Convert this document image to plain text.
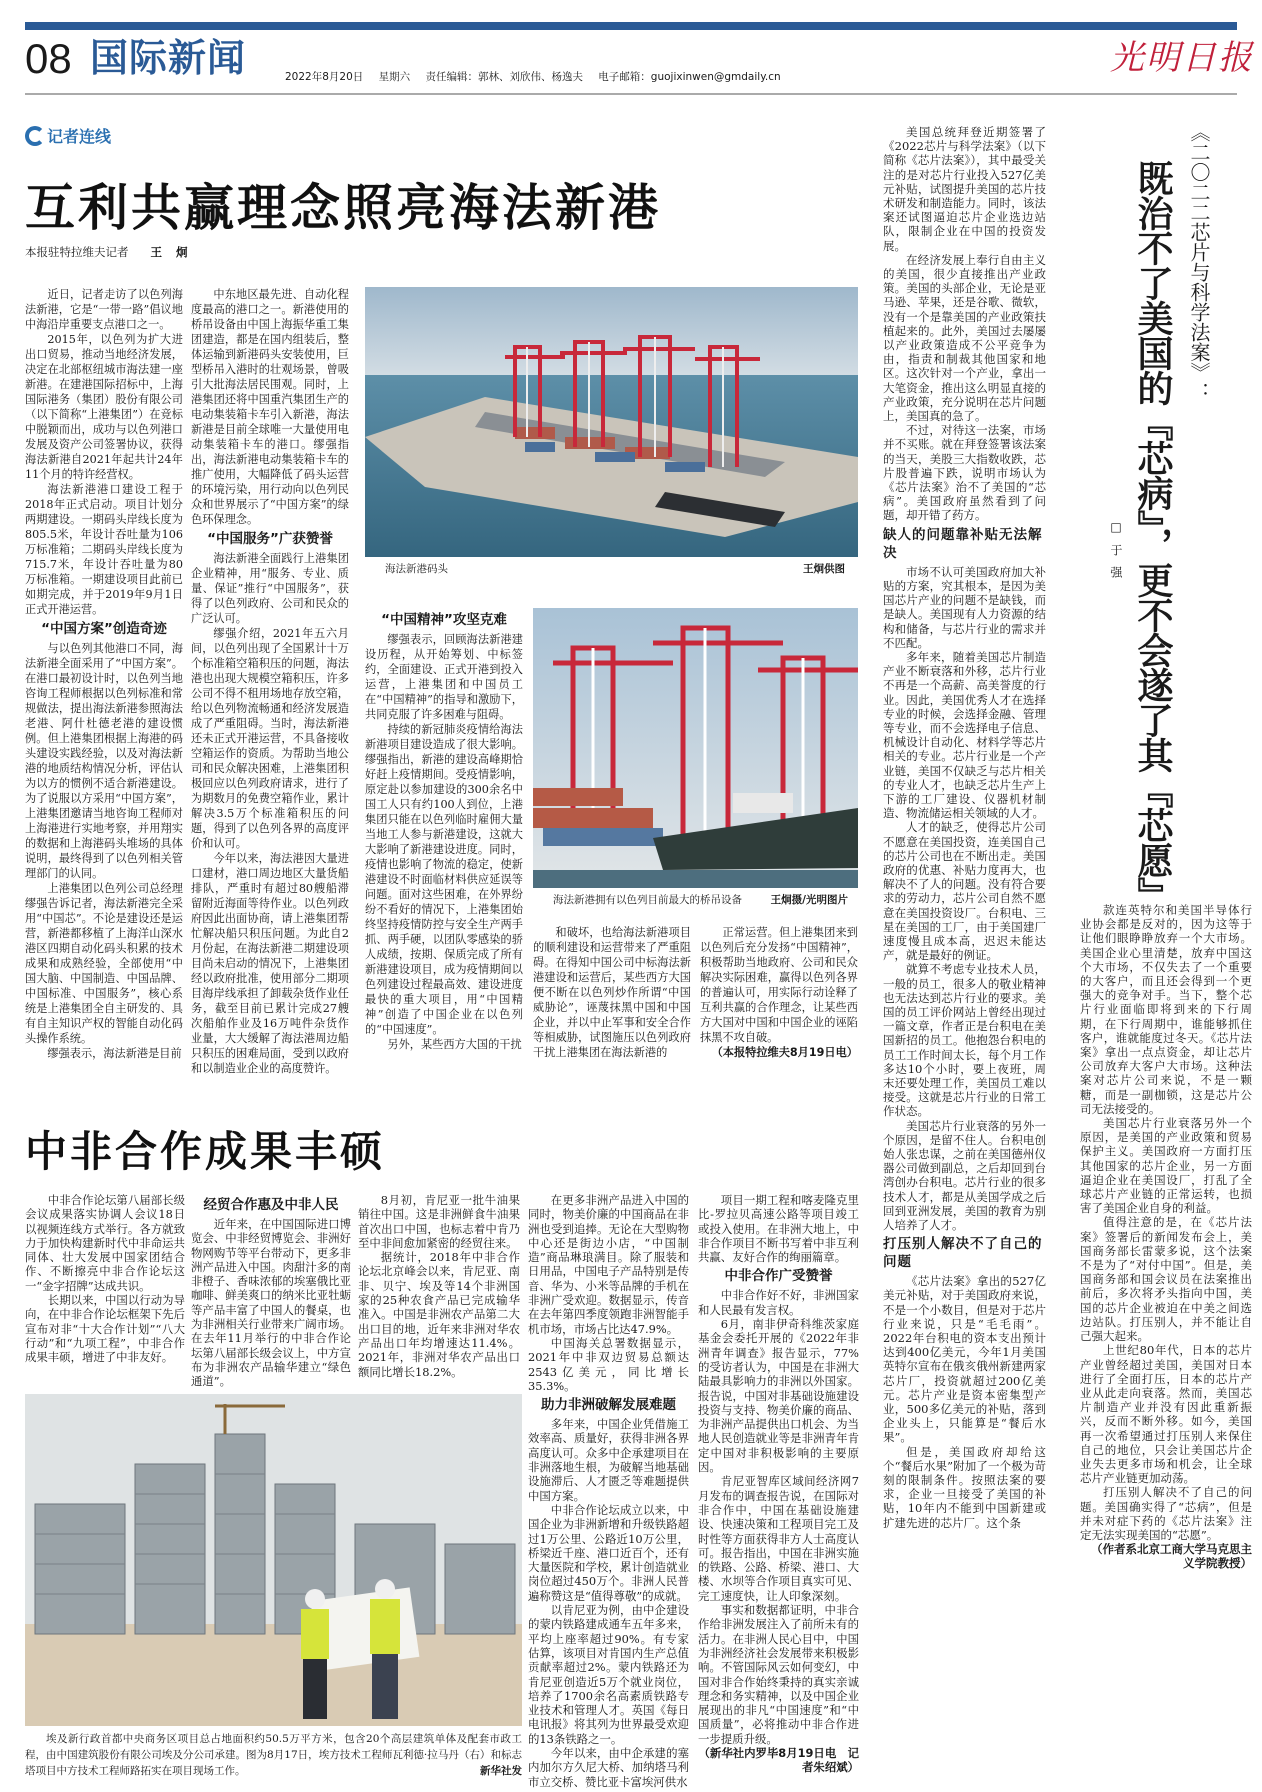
08 国际新闻	2022年8月20日 星期六 责任编辑：郭林、刘欣伟、杨逸夫 电子邮箱：guojixinwen@gmdaily.cn	光明日报
记者连线
互利共赢理念照亮海法新港
本报驻特拉维夫记者 王炯

近日，记者走访了以色列海法新港，它是“一带一路”倡议地中海沿岸重要支点港口之一。

2015年，以色列为扩大进出口贸易，推动当地经济发展，决定在北部枢纽城市海法建一座新港。在建港国际招标中，上海国际港务（集团）股份有限公司（以下简称“上港集团”）在竞标中脱颖而出，成功与以色列港口发展及资产公司签署协议，获得海法新港自2021年起共计24年11个月的特许经营权。

海法新港港口建设工程于2018年正式启动。项目计划分两期建设。一期码头岸线长度为805.5米，年设计吞吐量为106万标准箱；二期码头岸线长度为715.7米，年设计吞吐量为80万标准箱。一期建设项目此前已如期完成，并于2019年9月1日正式开港运营。

“中国方案”创造奇迹

与以色列其他港口不同，海法新港全面采用了“中国方案”。在港口最初设计时，以色列当地咨询工程师根据以色列标准和常规做法，提出海法新港参照海法老港、阿什杜德老港的建设惯例。但上港集团根据上海港的码头建设实践经验，以及对海法新港的地质结构情况分析，评估认为以方的惯例不适合新港建设。为了说服以方采用“中国方案”，上港集团邀请当地咨询工程师对上海港进行实地考察，并用翔实的数据和上海港码头堆场的具体说明，最终得到了以色列相关管理部门的认同。

上港集团以色列公司总经理缪强告诉记者，海法新港完全采用“中国芯”。不论是建设还是运营，新港都移植了上海洋山深水港区四期自动化码头积累的技术成果和成熟经验，全部使用“中国大脑、中国制造、中国品牌、中国标准、中国服务”，核心系统是上港集团全自主研发的、具有自主知识产权的智能自动化码头操作系统。

缪强表示，海法新港是目前

中东地区最先进、自动化程度最高的港口之一。新港使用的桥吊设备由中国上海振华重工集团建造，都是在国内组装后，整体运输到新港码头安装使用，巨型桥吊入港时的壮观场景，曾吸引大批海法居民围观。同时，上港集团还将中国重汽集团生产的电动集装箱卡车引入新港，海法新港是目前全球唯一大量使用电动集装箱卡车的港口。缪强指出，海法新港电动集装箱卡车的推广使用，大幅降低了码头运营的环境污染，用行动向以色列民众和世界展示了“中国方案”的绿色环保理念。

“中国服务”广获赞誉

海法新港全面践行上港集团企业精神，用“服务、专业、质量、保证”推行“中国服务”，获得了以色列政府、公司和民众的广泛认可。

缪强介绍，2021年五六月间，以色列出现了全国累计十万个标准箱空箱积压的问题，海法港也出现大规模空箱积压，许多公司不得不租用场地存放空箱，给以色列物流畅通和经济发展造成了严重阻碍。当时，海法新港还未正式开港运营，不具备接收空箱运作的资质。为帮助当地公司和民众解决困难，上港集团积极回应以色列政府请求，进行了为期数月的免费空箱作业，累计解决3.5万个标准箱积压的问题，得到了以色列各界的高度评价和认可。

今年以来，海法港因大量进口建材，港口周边地区大量货船排队，严重时有超过80艘船滞留附近海面等待作业。以色列政府因此出面协商，请上港集团帮忙解决船只积压问题。为此自2月份起，在海法新港二期建设项目尚未启动的情况下，上港集团经以政府批准，使用部分二期项目海岸线承担了卸载杂货作业任务，截至目前已累计完成27艘次船舶作业及16万吨件杂货作业量，大大缓解了海法港周边船只积压的困难局面，受到以政府和以制造业企业的高度赞许。

海法新港码头	王炯供图
“中国精神”攻坚克难

缪强表示，回顾海法新港建设历程，从开始筹划、中标签约，全面建设、正式开港到投入运营，上港集团和中国员工在“中国精神”的指导和激励下，共同克服了许多困难与阻碍。

持续的新冠肺炎疫情给海法新港项目建设造成了很大影响。缪强指出，新港的建设高峰期恰好赶上疫情期间。受疫情影响，原定赴以参加建设的300余名中国工人只有约100人到位，上港集团只能在以色列临时雇佣大量当地工人参与新港建设，这就大大影响了新港建设进度。同时，疫情也影响了物流的稳定，使新港建设不时面临材料供应延误等问题。面对这些困难，在外界纷纷不看好的情况下，上港集团始终坚持疫情防控与安全生产两手抓、两手硬，以团队零感染的骄人成绩，按期、保质完成了所有新港建设项目，成为疫情期间以色列建设过程最高效、建设进度最快的重大项目，用“中国精神”创造了中国企业在以色列的“中国速度”。

另外，某些西方大国的干扰

海法新港拥有以色列目前最大的桥吊设备	王炯摄/光明图片

和破坏，也给海法新港项目的顺利建设和运营带来了严重阻碍。在得知中国公司中标海法新港建设和运营后，某些西方大国便不断在以色列炒作所谓“中国威胁论”，诬蔑抹黑中国和中国企业，并以中止军事和安全合作等相威胁，试图施压以色列政府干扰上港集团在海法新港的

正常运营。但上港集团来到以色列后充分发扬“中国精神”，积极帮助当地政府、公司和民众解决实际困难，赢得以色列各界的普遍认可，用实际行动诠释了互利共赢的合作理念，让某些西方大国对中国和中国企业的诬陷抹黑不攻自破。

（本报特拉维夫8月19日电）

中非合作成果丰硕

中非合作论坛第八届部长级会议成果落实协调人会议18日以视频连线方式举行。各方就致力于加快构建新时代中非命运共同体、壮大发展中国家团结合作、不断擦亮中非合作论坛这一“金字招牌”达成共识。

长期以来，中国以行动为导向，在中非合作论坛框架下先后宣布对非“十大合作计划”“八大行动”和“九项工程”，中非合作成果丰硕，增进了中非友好。

经贸合作惠及中非人民

近年来，在中国国际进口博览会、中非经贸博览会、非洲好物网购节等平台带动下，更多非洲产品进入中国。肉甜汁多的南非橙子、香味浓郁的埃塞俄比亚咖啡、鲜美爽口的纳米比亚牡蛎等产品丰富了中国人的餐桌，也为非洲相关行业带来广阔市场。在去年11月举行的中非合作论坛第八届部长级会议上，中方宣布为非洲农产品输华建立“绿色通道”。

8月初，肯尼亚一批牛油果销往中国。这是非洲鲜食牛油果首次出口中国，也标志着中肯乃至中非间愈加紧密的经贸往来。

据统计，2018年中非合作论坛北京峰会以来，肯尼亚、南非、贝宁、埃及等14个非洲国家的25种农食产品已完成输华准入。中国是非洲农产品第二大出口目的地，近年来非洲对华农产品出口年均增速达11.4%。2021年，非洲对华农产品出口额同比增长18.2%。

在更多非洲产品进入中国的同时，物美价廉的中国商品在非洲也受到追捧。无论在大型购物中心还是街边小店，“中国制造”商品琳琅满目。除了服装和日用品，中国电子产品特别是传音、华为、小米等品牌的手机在非洲广受欢迎。数据显示，传音在去年第四季度领跑非洲智能手机市场，市场占比达47.9%。

中国海关总署数据显示，2021年中非双边贸易总额达2543亿美元，同比增长35.3%。

助力非洲破解发展难题

多年来，中国企业凭借施工效率高、质量好，获得非洲各界高度认可。众多中企承建项目在非洲落地生根，为破解当地基础设施滞后、人才匮乏等难题提供中国方案。

中非合作论坛成立以来，中国企业为非洲新增和升级铁路超过1万公里、公路近10万公里，桥梁近千座、港口近百个，还有大量医院和学校，累计创造就业岗位超过450万个。非洲人民普遍称赞这是“值得尊敬”的成就。

以肯尼亚为例，由中企建设的蒙内铁路建成通车五年多来，平均上座率超过90%。有专家估算，该项目对肯国内生产总值贡献率超过2%。蒙内铁路还为肯尼亚创造近5万个就业岗位，培养了1700余名高素质铁路专业技术和管理人才。英国《每日电讯报》将其列为世界最受欢迎的13条铁路之一。

今年以来，由中企承建的塞内加尔方久尼大桥、加纳塔马利市立交桥、赞比亚卡富埃河供水

项目一期工程和喀麦隆克里比-罗拉贝高速公路等项目竣工或投入使用。在非洲大地上，中非合作项目不断书写着中非互利共赢、友好合作的绚丽篇章。

中非合作广受赞誉

中非合作好不好，非洲国家和人民最有发言权。

6月，南非伊奇科维茨家庭基金会委托开展的《2022年非洲青年调查》报告显示，77%的受访者认为，中国是在非洲大陆最具影响力的非洲以外国家。报告说，中国对非基础设施建设投资与支持、物美价廉的商品、为非洲产品提供出口机会、为当地人民创造就业等是非洲青年肯定中国对非积极影响的主要原因。

肯尼亚智库区域间经济网7月发布的调查报告说，在国际对非合作中，中国在基础设施建设、快速决策和工程项目完工及时性等方面获得非方人士高度认可。报告指出，中国在非洲实施的铁路、公路、桥梁、港口、大楼、水坝等合作项目真实可见、完工速度快，让人印象深刻。

事实和数据都证明，中非合作给非洲发展注入了前所未有的活力。在非洲人民心目中，中国为非洲经济社会发展带来积极影响。不管国际风云如何变幻，中国对非合作始终秉持的真实亲诚理念和务实精神，以及中国企业展现出的非凡“中国速度”和“中国质量”，必将推动中非合作进一步提质升级。

（新华社内罗毕8月19日电　记者朱绍斌）

埃及新行政首都中央商务区项目总占地面积约50.5万平方米，包含20个高层建筑单体及配套市政工程，由中国建筑股份有限公司埃及分公司承建。图为8月17日，埃方技术工程师瓦利德·拉马丹（右）和标志塔项目中方技术工程师路拓实在项目现场工作。	新华社发

美国总统拜登近期签署了《2022芯片与科学法案》（以下简称《芯片法案》），其中最受关注的是对芯片行业投入527亿美元补贴，试图提升美国的芯片技术研发和制造能力。同时，该法案还试图逼迫芯片企业选边站队，限制企业在中国的投资发展。

在经济发展上奉行自由主义的美国，很少直接推出产业政策。美国的头部企业，无论是亚马逊、苹果，还是谷歌、微软，没有一个是靠美国的产业政策扶植起来的。此外，美国过去屡屡以产业政策造成不公平竞争为由，指责和制裁其他国家和地区。这次针对一个产业，拿出一大笔资金，推出这么明显直接的产业政策，充分说明在芯片问题上，美国真的急了。

不过，对待这一法案，市场并不买账。就在拜登签署该法案的当天，美股三大指数收跌，芯片股普遍下跌，说明市场认为《芯片法案》治不了美国的“芯病”。美国政府虽然看到了问题，却开错了药方。

缺人的问题靠补贴无法解决

市场不认可美国政府加大补贴的方案，究其根本，是因为美国芯片产业的问题不是缺钱，而是缺人。美国现有人力资源的结构和储备，与芯片行业的需求并不匹配。

多年来，随着美国芯片制造产业不断衰落和外移，芯片行业不再是一个高薪、高美誉度的行业。因此，美国优秀人才在选择专业的时候，会选择金融、管理等专业，而不会选择电子信息、机械设计自动化、材料学等芯片相关的专业。芯片行业是一个产业链，美国不仅缺乏与芯片相关的专业人才，也缺乏芯片生产上下游的工厂建设、仪器机材制造、物流储运相关领域的人才。

人才的缺乏，使得芯片公司不愿意在美国投资，连美国自己的芯片公司也在不断出走。美国政府的优惠、补贴力度再大，也解决不了人的问题。没有符合要求的劳动力，芯片公司自然不愿意在美国投资设厂。台积电、三星在美国的工厂，由于美国建厂速度慢且成本高，迟迟未能达产，就是最好的例证。

就算不考虑专业技术人员，一般的员工，很多人的敬业精神也无法达到芯片行业的要求。美国的员工评价网站上曾经出现过一篇文章，作者正是台积电在美国新招的员工。他抱怨台积电的员工工作时间太长，每个月工作多达10个小时，要上夜班，周末还要处理工作，美国员工难以接受。这就是芯片行业的日常工作状态。

美国芯片行业衰落的另外一个原因，是留不住人。台积电创始人张忠谋，之前在美国德州仪器公司做到副总，之后却回到台湾创办台积电。芯片行业的很多技术人才，都是从美国学成之后回到亚洲发展，美国的教育为别人培养了人才。

打压别人解决不了自己的问题

《芯片法案》拿出的527亿美元补贴，对于美国政府来说，不是一个小数目，但是对于芯片行业来说，只是“毛毛雨”。2022年台积电的资本支出预计达到400亿美元，今年1月美国英特尔宣布在俄亥俄州新建两家芯片厂，投资就超过200亿美元。芯片产业是资本密集型产业，500多亿美元的补贴，落到企业头上，只能算是“餐后水果”。

但是，美国政府却给这个“餐后水果”附加了一个极为苛刻的限制条件。按照法案的要求，企业一旦接受了美国的补贴，10年内不能到中国新建或扩建先进的芯片厂。这个条

《二〇二二芯片与科学法案》：
既治不了美国的『芯病』，更不会遂了其『芯愿』
□于强

款连英特尔和美国半导体行业协会都是反对的，因为这等于让他们眼睁睁放弃一个大市场。美国企业心里清楚，放弃中国这个大市场，不仅失去了一个重要的大客户，而且还会得到一个更强大的竞争对手。当下，整个芯片行业面临即将到来的下行周期，在下行周期中，谁能够抓住客户，谁就能度过冬天。《芯片法案》拿出一点点资金，却让芯片公司放弃大客户大市场。这种法案对芯片公司来说，不是一颗糖，而是一副枷锁，这是芯片公司无法接受的。

美国芯片行业衰落另外一个原因，是美国的产业政策和贸易保护主义。美国政府一方面打压其他国家的芯片企业，另一方面逼迫企业在美国设厂，打乱了全球芯片产业链的正常运转，也损害了美国企业自身的利益。

值得注意的是，在《芯片法案》签署后的新闻发布会上，美国商务部长雷蒙多说，这个法案不是为了“对付中国”。但是，美国商务部和国会议员在法案推出前后，多次将矛头指向中国，美国的芯片企业被迫在中美之间选边站队。打压别人，并不能让自己强大起来。

上世纪80年代，日本的芯片产业曾经超过美国，美国对日本进行了全面打压，日本的芯片产业从此走向衰落。然而，美国芯片制造产业并没有因此重新振兴，反而不断外移。如今，美国再一次希望通过打压别人来保住自己的地位，只会让美国芯片企业失去更多市场和机会，让全球芯片产业链更加动荡。

打压别人解决不了自己的问题。美国确实得了“芯病”，但是并未对症下药的《芯片法案》注定无法实现美国的“芯愿”。

（作者系北京工商大学马克思主义学院教授）
